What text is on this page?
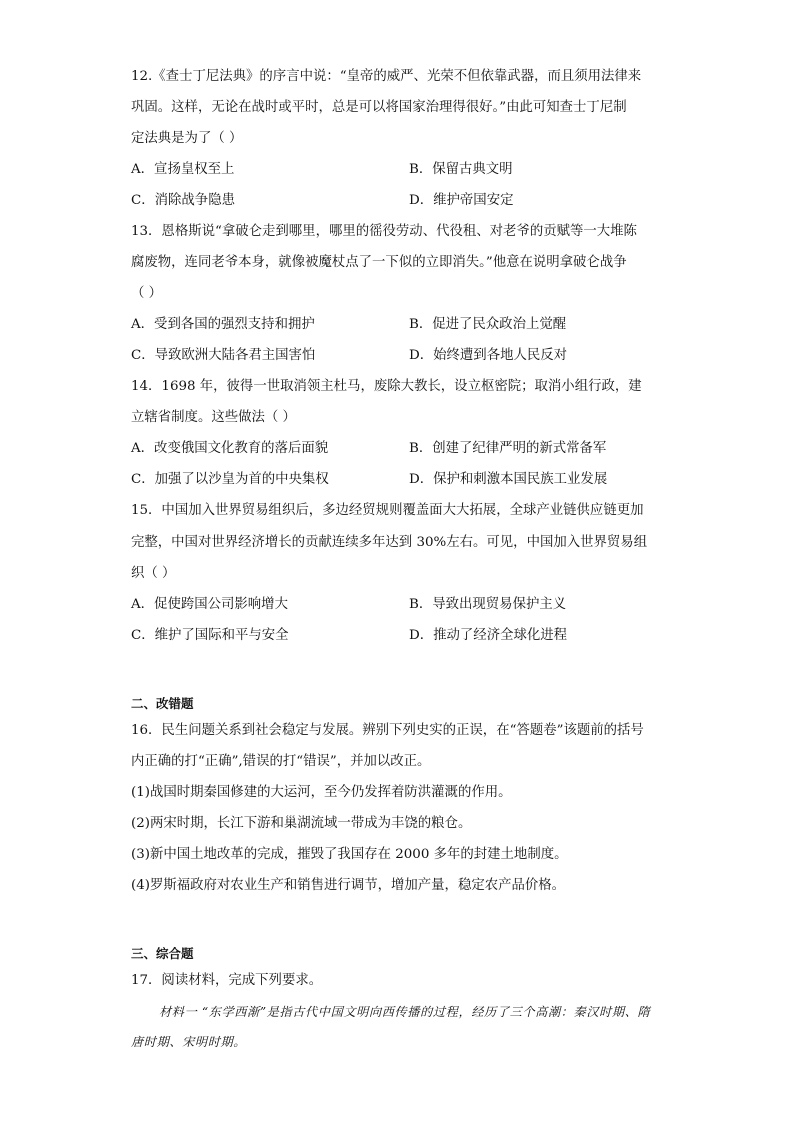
12.《查士丁尼法典》的序言中说：“皇帝的威严、光荣不但依靠武器，而且须用法律来
巩固。这样，无论在战时或平时，总是可以将国家治理得很好。”由此可知查士丁尼制
定法典是为了（ ）
A．宣扬皇权至上	B．保留古典文明
C．消除战争隐患	D．维护帝国安定
13．恩格斯说“拿破仑走到哪里，哪里的徭役劳动、代役租、对老爷的贡赋等一大堆陈
腐废物，连同老爷本身，就像被魔杖点了一下似的立即消失。”他意在说明拿破仑战争
（ ）
A．受到各国的强烈支持和拥护	B．促进了民众政治上觉醒
C．导致欧洲大陆各君主国害怕	D．始终遭到各地人民反对
14．1698 年，彼得一世取消领主杜马，废除大教长，设立枢密院；取消小组行政，建
立辖省制度。这些做法（ ）
A．改变俄国文化教育的落后面貌	B．创建了纪律严明的新式常备军
C．加强了以沙皇为首的中央集权	D．保护和刺激本国民族工业发展
15．中国加入世界贸易组织后，多边经贸规则覆盖面大大拓展，全球产业链供应链更加
完整，中国对世界经济增长的贡献连续多年达到 30%左右。可见，中国加入世界贸易组
织（ ）
A．促使跨国公司影响增大	B．导致出现贸易保护主义
C．维护了国际和平与安全	D．推动了经济全球化进程
二、改错题
16．民生问题关系到社会稳定与发展。辨别下列史实的正误，在“答题卷”该题前的括号
内正确的打“正确”,错误的打“错误”，并加以改正。
(1)战国时期秦国修建的大运河，至今仍发挥着防洪灌溉的作用。
(2)两宋时期，长江下游和巢湖流域一带成为丰饶的粮仓。
(3)新中国土地改革的完成，摧毁了我国存在 2000 多年的封建土地制度。
(4)罗斯福政府对农业生产和销售进行调节，增加产量，稳定农产品价格。
三、综合题
17．阅读材料，完成下列要求。
材料一 “东学西渐”是指古代中国文明向西传播的过程，经历了三个高潮：秦汉时期、隋唐时期、宋明时期。
